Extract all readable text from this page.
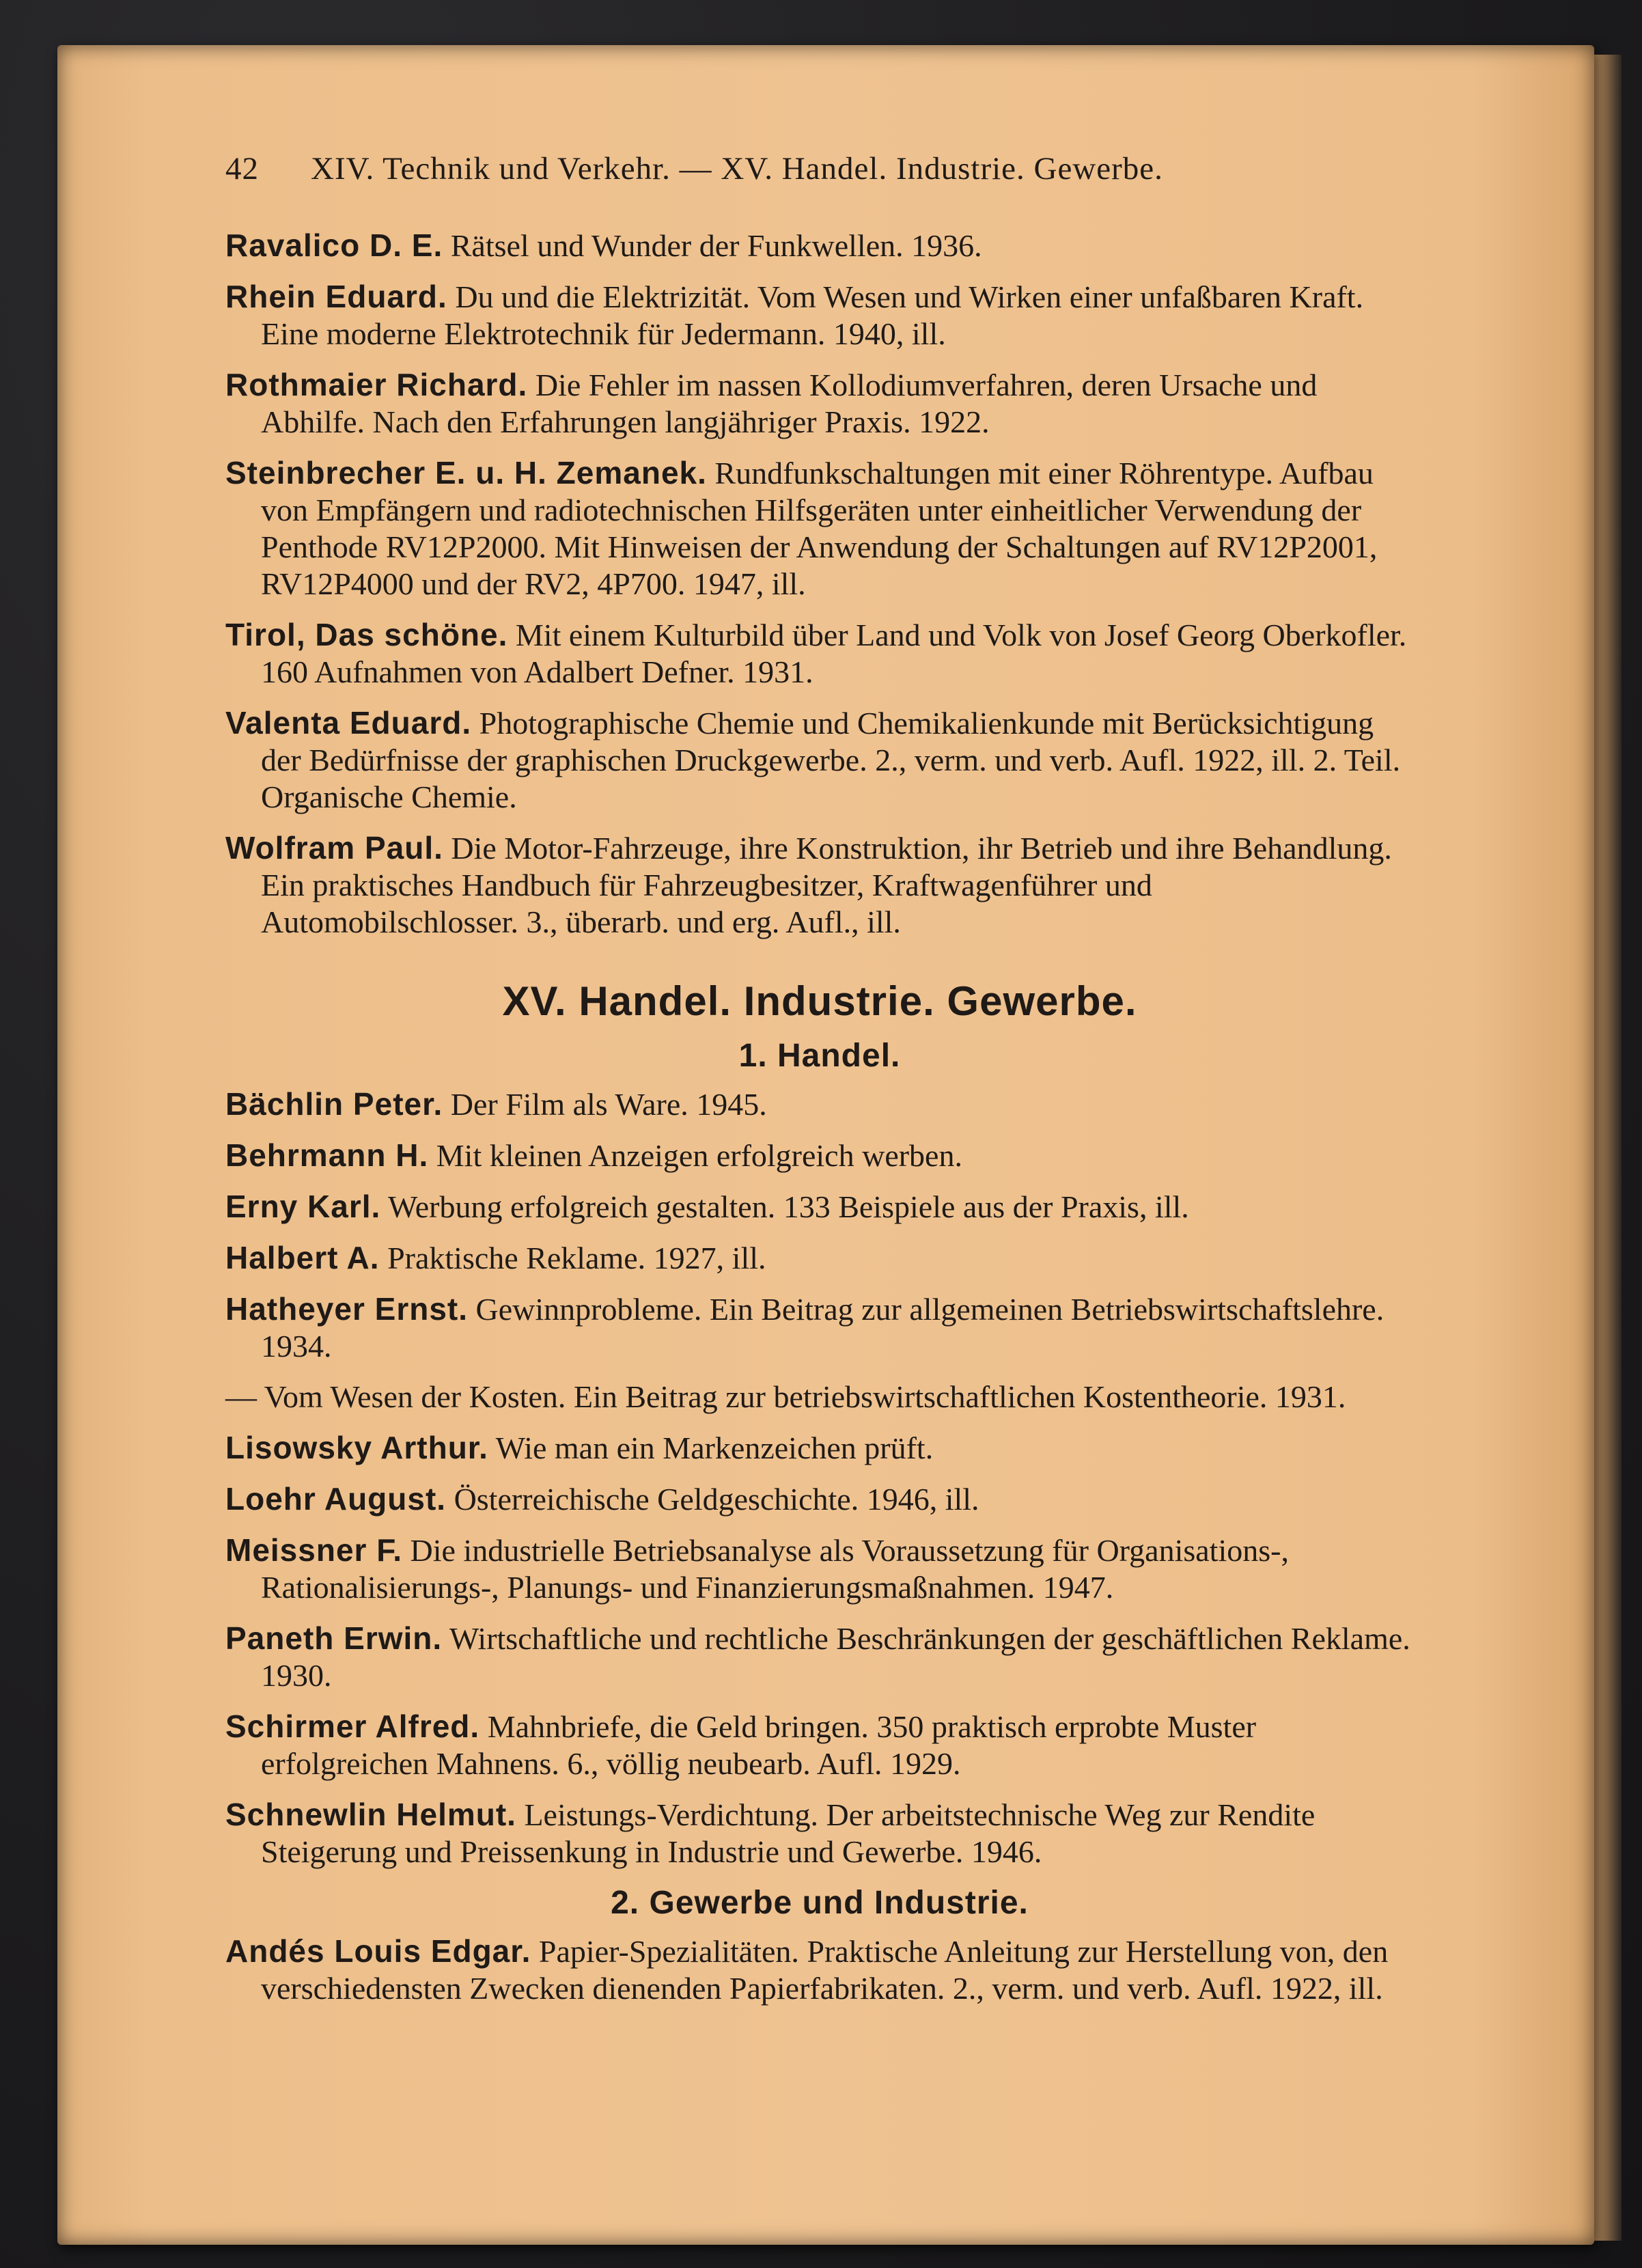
42 XIV. Technik und Verkehr. — XV. Handel. Industrie. Gewerbe.
Ravalico D. E. Rätsel und Wunder der Funkwellen. 1936.
Rhein Eduard. Du und die Elektrizität. Vom Wesen und Wirken einer unfaßbaren Kraft. Eine moderne Elektrotechnik für Jedermann. 1940, ill.
Rothmaier Richard. Die Fehler im nassen Kollodiumverfahren, deren Ursache und Abhilfe. Nach den Erfahrungen langjähriger Praxis. 1922.
Steinbrecher E. u. H. Zemanek. Rundfunkschaltungen mit einer Röhrentype. Aufbau von Empfängern und radiotechnischen Hilfsgeräten unter einheitlicher Verwendung der Penthode RV12P2000. Mit Hinweisen der Anwendung der Schaltungen auf RV12P2001, RV12P4000 und der RV2, 4P700. 1947, ill.
Tirol, Das schöne. Mit einem Kulturbild über Land und Volk von Josef Georg Oberkofler. 160 Aufnahmen von Adalbert Defner. 1931.
Valenta Eduard. Photographische Chemie und Chemikalienkunde mit Berücksichtigung der Bedürfnisse der graphischen Druckgewerbe. 2., verm. und verb. Aufl. 1922, ill. 2. Teil. Organische Chemie.
Wolfram Paul. Die Motor-Fahrzeuge, ihre Konstruktion, ihr Betrieb und ihre Behandlung. Ein praktisches Handbuch für Fahrzeugbesitzer, Kraftwagenführer und Automobilschlosser. 3., überarb. und erg. Aufl., ill.
XV. Handel. Industrie. Gewerbe.
1. Handel.
Bächlin Peter. Der Film als Ware. 1945.
Behrmann H. Mit kleinen Anzeigen erfolgreich werben.
Erny Karl. Werbung erfolgreich gestalten. 133 Beispiele aus der Praxis, ill.
Halbert A. Praktische Reklame. 1927, ill.
Hatheyer Ernst. Gewinnprobleme. Ein Beitrag zur allgemeinen Betriebswirtschaftslehre. 1934.
— Vom Wesen der Kosten. Ein Beitrag zur betriebswirtschaftlichen Kostentheorie. 1931.
Lisowsky Arthur. Wie man ein Markenzeichen prüft.
Loehr August. Österreichische Geldgeschichte. 1946, ill.
Meissner F. Die industrielle Betriebsanalyse als Voraussetzung für Organisations-, Rationalisierungs-, Planungs- und Finanzierungsmaßnahmen. 1947.
Paneth Erwin. Wirtschaftliche und rechtliche Beschränkungen der geschäftlichen Reklame. 1930.
Schirmer Alfred. Mahnbriefe, die Geld bringen. 350 praktisch erprobte Muster erfolgreichen Mahnens. 6., völlig neubearb. Aufl. 1929.
Schnewlin Helmut. Leistungs-Verdichtung. Der arbeitstechnische Weg zur Rendite Steigerung und Preissenkung in Industrie und Gewerbe. 1946.
2. Gewerbe und Industrie.
Andés Louis Edgar. Papier-Spezialitäten. Praktische Anleitung zur Herstellung von, den verschiedensten Zwecken dienenden Papierfabrikaten. 2., verm. und verb. Aufl. 1922, ill.
